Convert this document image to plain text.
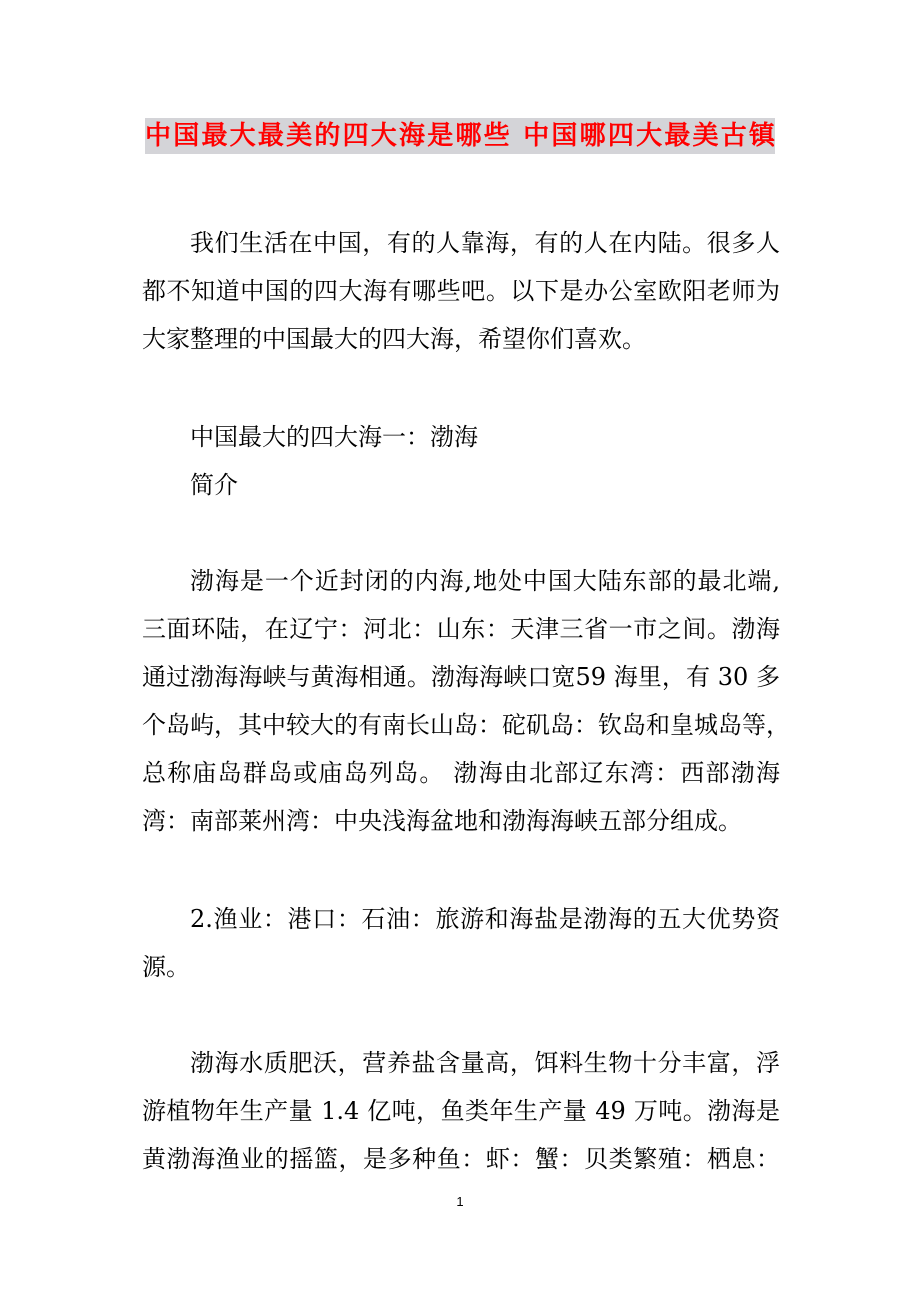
中国最大最美的四大海是哪些 中国哪四大最美古镇
我们生活在中国，有的人靠海，有的人在内陆。很多人
都不知道中国的四大海有哪些吧。以下是办公室欧阳老师为
大家整理的中国最大的四大海，希望你们喜欢。
中国最大的四大海一：渤海
简介
渤海是一个近封闭的内海,地处中国大陆东部的最北端,
三面环陆，在辽宁：河北：山东：天津三省一市之间。渤海
通过渤海海峡与黄海相通。渤海海峡口宽59 海里，有 30 多
个岛屿，其中较大的有南长山岛：砣矶岛：钦岛和皇城岛等，
总称庙岛群岛或庙岛列岛。 渤海由北部辽东湾：西部渤海
湾：南部莱州湾：中央浅海盆地和渤海海峡五部分组成。
2.渔业：港口：石油：旅游和海盐是渤海的五大优势资
源。
渤海水质肥沃，营养盐含量高，饵料生物十分丰富，浮
游植物年生产量 1.4 亿吨，鱼类年生产量 49 万吨。渤海是
黄渤海渔业的摇篮，是多种鱼：虾：蟹：贝类繁殖：栖息：
1
